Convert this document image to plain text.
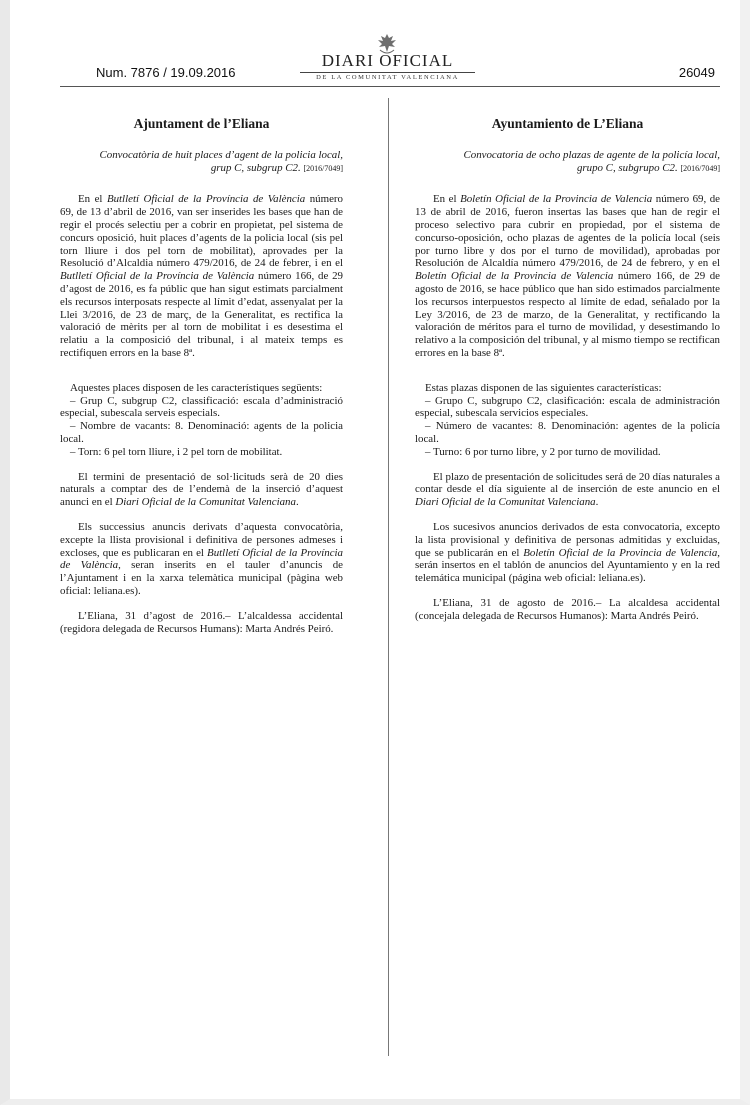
Num. 7876 / 19.09.2016
DIARI OFICIAL
DE LA COMUNITAT VALENCIANA	26049
Ajuntament de l’Eliana
Convocatòria de huit places d’agent de la policia local, grup C, subgrup C2. [2016/7049]

En el Butlletí Oficial de la Província de València número 69, de 13 d’abril de 2016, van ser inserides les bases que han de regir el procés selectiu per a cobrir en propietat, pel sistema de concurs oposició, huit places d’agents de la policia local (sis pel torn lliure i dos pel torn de mobilitat), aprovades per la Resolució d’Alcaldia número 479/2016, de 24 de febrer, i en el Butlletí Oficial de la Província de València número 166, de 29 d’agost de 2016, es fa públic que han sigut estimats parcialment els recursos interposats respecte al límit d’edat, assenyalat per la Llei 3/2016, de 23 de març, de la Generalitat, es rectifica la valoració de mèrits per al torn de mobilitat i es desestima el relatiu a la composició del tribunal, i al mateix temps es rectifiquen errors en la base 8ª.

Aquestes places disposen de les característiques següents:

– Grup C, subgrup C2, classificació: escala d’administració especial, subescala serveis especials.

– Nombre de vacants: 8. Denominació: agents de la policia local.

– Torn: 6 pel torn lliure, i 2 pel torn de mobilitat.

El termini de presentació de sol·licituds serà de 20 dies naturals a comptar des de l’endemà de la inserció d’aquest anunci en el Diari Oficial de la Comunitat Valenciana.

Els successius anuncis derivats d’aquesta convocatòria, excepte la llista provisional i definitiva de persones admeses i excloses, que es publicaran en el Butlletí Oficial de la Província de València, seran inserits en el tauler d’anuncis de l’Ajuntament i en la xarxa telemàtica municipal (pàgina web oficial: leliana.es).

L’Eliana, 31 d’agost de 2016.– L’alcaldessa accidental (regidora delegada de Recursos Humans): Marta Andrés Peiró.

Ayuntamiento de L’Eliana
Convocatoria de ocho plazas de agente de la policía local, grupo C, subgrupo C2. [2016/7049]

En el Boletín Oficial de la Provincia de Valencia número 69, de 13 de abril de 2016, fueron insertas las bases que han de regir el proceso selectivo para cubrir en propiedad, por el sistema de concurso-oposición, ocho plazas de agentes de la policía local (seis por turno libre y dos por el turno de movilidad), aprobadas por Resolución de Alcaldía número 479/2016, de 24 de febrero, y en el Boletín Oficial de la Provincia de Valencia número 166, de 29 de agosto de 2016, se hace público que han sido estimados parcialmente los recursos interpuestos respecto al límite de edad, señalado por la Ley 3/2016, de 23 de marzo, de la Generalitat, y rectificando la valoración de méritos para el turno de movilidad, y desestimando lo relativo a la composición del tribunal, y al mismo tiempo se rectifican errores en la base 8ª.

Estas plazas disponen de las siguientes características:

– Grupo C, subgrupo C2, clasificación: escala de administración especial, subescala servicios especiales.

– Número de vacantes: 8. Denominación: agentes de la policía local.

– Turno: 6 por turno libre, y 2 por turno de movilidad.

El plazo de presentación de solicitudes será de 20 días naturales a contar desde el día siguiente al de inserción de este anuncio en el Diari Oficial de la Comunitat Valenciana.

Los sucesivos anuncios derivados de esta convocatoria, excepto la lista provisional y definitiva de personas admitidas y excluidas, que se publicarán en el Boletín Oficial de la Provincia de Valencia, serán insertos en el tablón de anuncios del Ayuntamiento y en la red telemática municipal (página web oficial: leliana.es).

L’Eliana, 31 de agosto de 2016.– La alcaldesa accidental (concejala delegada de Recursos Humanos): Marta Andrés Peiró.
